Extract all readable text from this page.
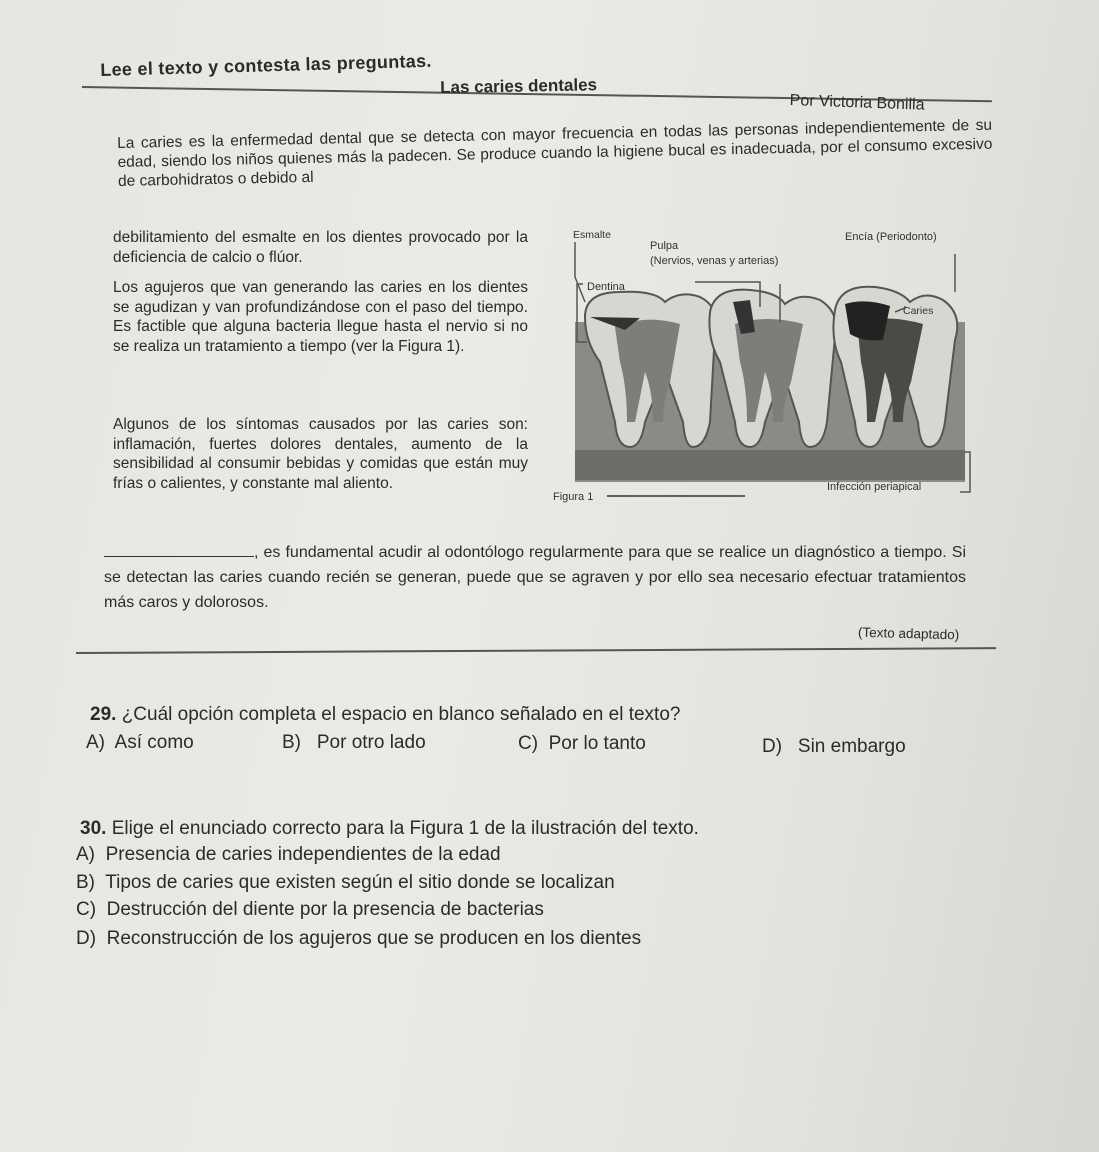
Lee el texto y contesta las preguntas.
Las caries dentales
Por Victoria Bonilla
La caries es la enfermedad dental que se detecta con mayor frecuencia en todas las personas independientemente de su edad, siendo los niños quienes más la padecen. Se produce cuando la higiene bucal es inadecuada, por el consumo excesivo de carbohidratos o debido al
debilitamiento del esmalte en los dientes provocado por la deficiencia de calcio o flúor.
Los agujeros que van generando las caries en los dientes se agudizan y van profundizándose con el paso del tiempo. Es factible que alguna bacteria llegue hasta el nervio si no se realiza un tratamiento a tiempo (ver la Figura 1).
Algunos de los síntomas causados por las caries son: inflamación, fuertes dolores dentales, aumento de la sensibilidad al consumir bebidas y comidas que están muy frías o calientes, y constante mal aliento.
Esmalte
Pulpa
(Nervios, venas y arterias)
Encía (Periodonto)
Dentina
Caries
Figura 1
Infección periapical
, es fundamental acudir al odontólogo regularmente para que se realice un diagnóstico a tiempo. Si se detectan las caries cuando recién se generan, puede que se agraven y por ello sea necesario efectuar tratamientos más caros y dolorosos.
(Texto adaptado)
29. ¿Cuál opción completa el espacio en blanco señalado en el texto?
A) Así como	B) Por otro lado	C) Por lo tanto	D) Sin embargo
30. Elige el enunciado correcto para la Figura 1 de la ilustración del texto.
A) Presencia de caries independientes de la edad
B) Tipos de caries que existen según el sitio donde se localizan
C) Destrucción del diente por la presencia de bacterias
D) Reconstrucción de los agujeros que se producen en los dientes
